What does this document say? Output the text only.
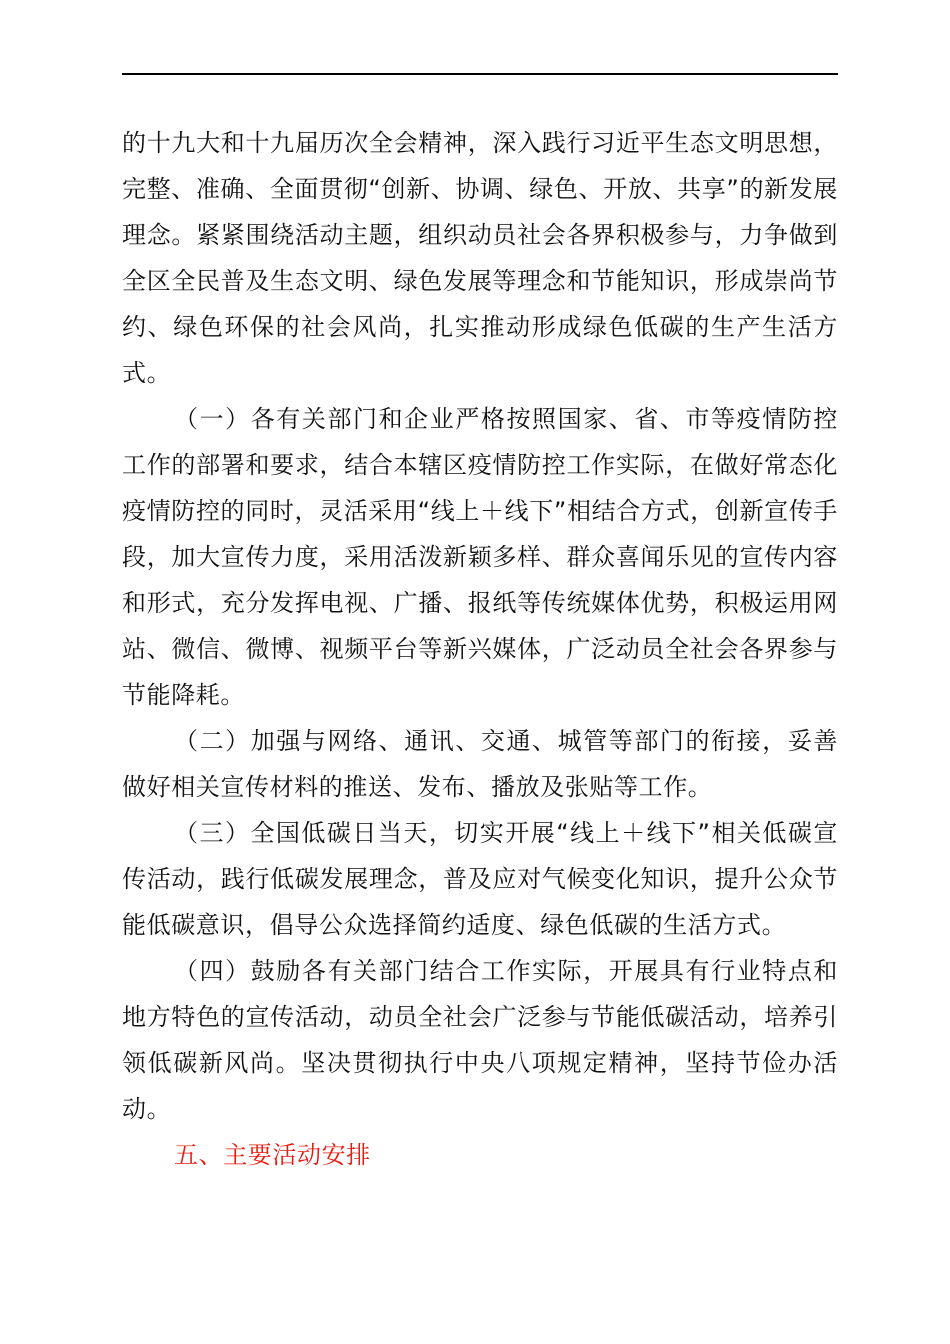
的十九大和十九届历次全会精神，深入践行习近平生态文明思想，完整、准确、全面贯彻“创新、协调、绿色、开放、共享”的新发展理念。紧紧围绕活动主题，组织动员社会各界积极参与，力争做到全区全民普及生态文明、绿色发展等理念和节能知识，形成崇尚节约、绿色环保的社会风尚，扎实推动形成绿色低碳的生产生活方式。

（一）各有关部门和企业严格按照国家、省、市等疫情防控工作的部署和要求，结合本辖区疫情防控工作实际，在做好常态化疫情防控的同时，灵活采用“线上＋线下”相结合方式，创新宣传手段，加大宣传力度，采用活泼新颖多样、群众喜闻乐见的宣传内容和形式，充分发挥电视、广播、报纸等传统媒体优势，积极运用网站、微信、微博、视频平台等新兴媒体，广泛动员全社会各界参与节能降耗。

（二）加强与网络、通讯、交通、城管等部门的衔接，妥善做好相关宣传材料的推送、发布、播放及张贴等工作。

（三）全国低碳日当天，切实开展“线上＋线下”相关低碳宣传活动，践行低碳发展理念，普及应对气候变化知识，提升公众节能低碳意识，倡导公众选择简约适度、绿色低碳的生活方式。

（四）鼓励各有关部门结合工作实际，开展具有行业特点和地方特色的宣传活动，动员全社会广泛参与节能低碳活动，培养引领低碳新风尚。坚决贯彻执行中央八项规定精神，坚持节俭办活动。

五、主要活动安排
